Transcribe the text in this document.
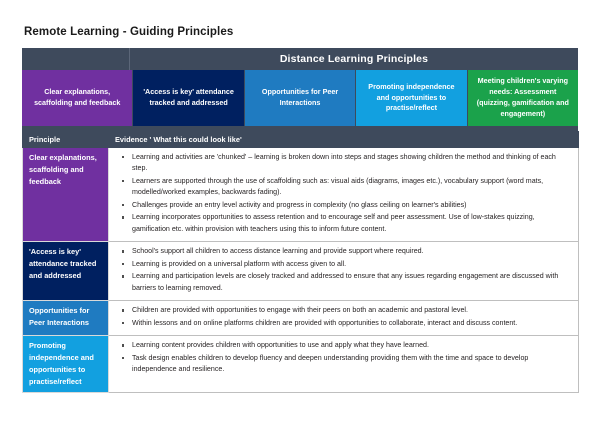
Remote Learning - Guiding Principles
Distance Learning Principles
Clear explanations, scaffolding and feedback
'Access is key' attendance tracked and addressed
Opportunities for Peer Interactions
Promoting independence and opportunities to practise/reflect
Meeting children's varying needs: Assessment (quizzing, gamification and engagement)
Principle	Evidence ' What this could look like'
Clear explanations, scaffolding and feedback	
Learning and activities are 'chunked' – learning is broken down into steps and stages showing children the method and thinking of each step.
Learners are supported through the use of scaffolding such as: visual aids (diagrams, images etc.), vocabulary support (word mats, modelled/worked examples, backwards fading).
Challenges provide an entry level activity and progress in complexity (no glass ceiling on learner's abilities)
Learning incorporates opportunities to assess retention and to encourage self and peer assessment. Use of low-stakes quizzing, gamification etc. within provision with teachers using this to inform future content.

'Access is key' attendance tracked and addressed	
School's support all children to access distance learning and provide support where required.
Learning is provided on a universal platform with access given to all.
Learning and participation levels are closely tracked and addressed to ensure that any issues regarding engagement are discussed with barriers to learning removed.

Opportunities for Peer Interactions	
Children are provided with opportunities to engage with their peers on both an academic and pastoral level.
Within lessons and on online platforms children are provided with opportunities to collaborate, interact and discuss content.

Promoting independence and opportunities to practise/reflect	
Learning content provides children with opportunities to use and apply what they have learned.
Task design enables children to develop fluency and deepen understanding providing them with the time and space to develop independence and resilience.
